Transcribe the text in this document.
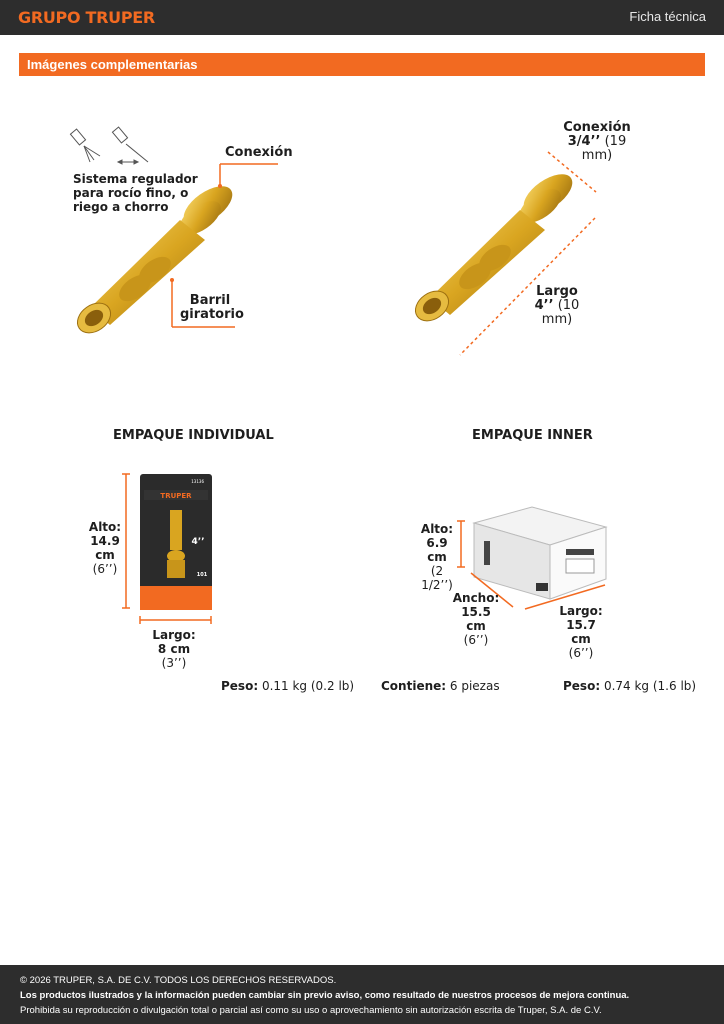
GRUPO TRUPER	Ficha técnica
Imágenes complementarias
Sistema regulador
para rocío fino, o
riego a chorro
Conexión
Barril
giratorio
Conexión
3/4’’ (19 mm)
Largo
4’’ (10 mm)
EMPAQUE INDIVIDUAL
TRUPER
13136
4’’
101
Alto:
14.9 cm
(6’’)
Largo:
8 cm
(3’’)
Peso: 0.11 kg (0.2 lb)
EMPAQUE INNER
Alto:
6.9 cm
(2 1/2’’)
Ancho:
15.5 cm
(6’’)
Largo:
15.7 cm
(6’’)
Contiene: 6 piezas	Peso: 0.74 kg (1.6 lb)
© 2026 TRUPER, S.A. DE C.V. TODOS LOS DERECHOS RESERVADOS.
Los productos ilustrados y la información pueden cambiar sin previo aviso, como resultado de nuestros procesos de mejora continua.
Prohibida su reproducción o divulgación total o parcial así como su uso o aprovechamiento sin autorización escrita de Truper, S.A. de C.V.
